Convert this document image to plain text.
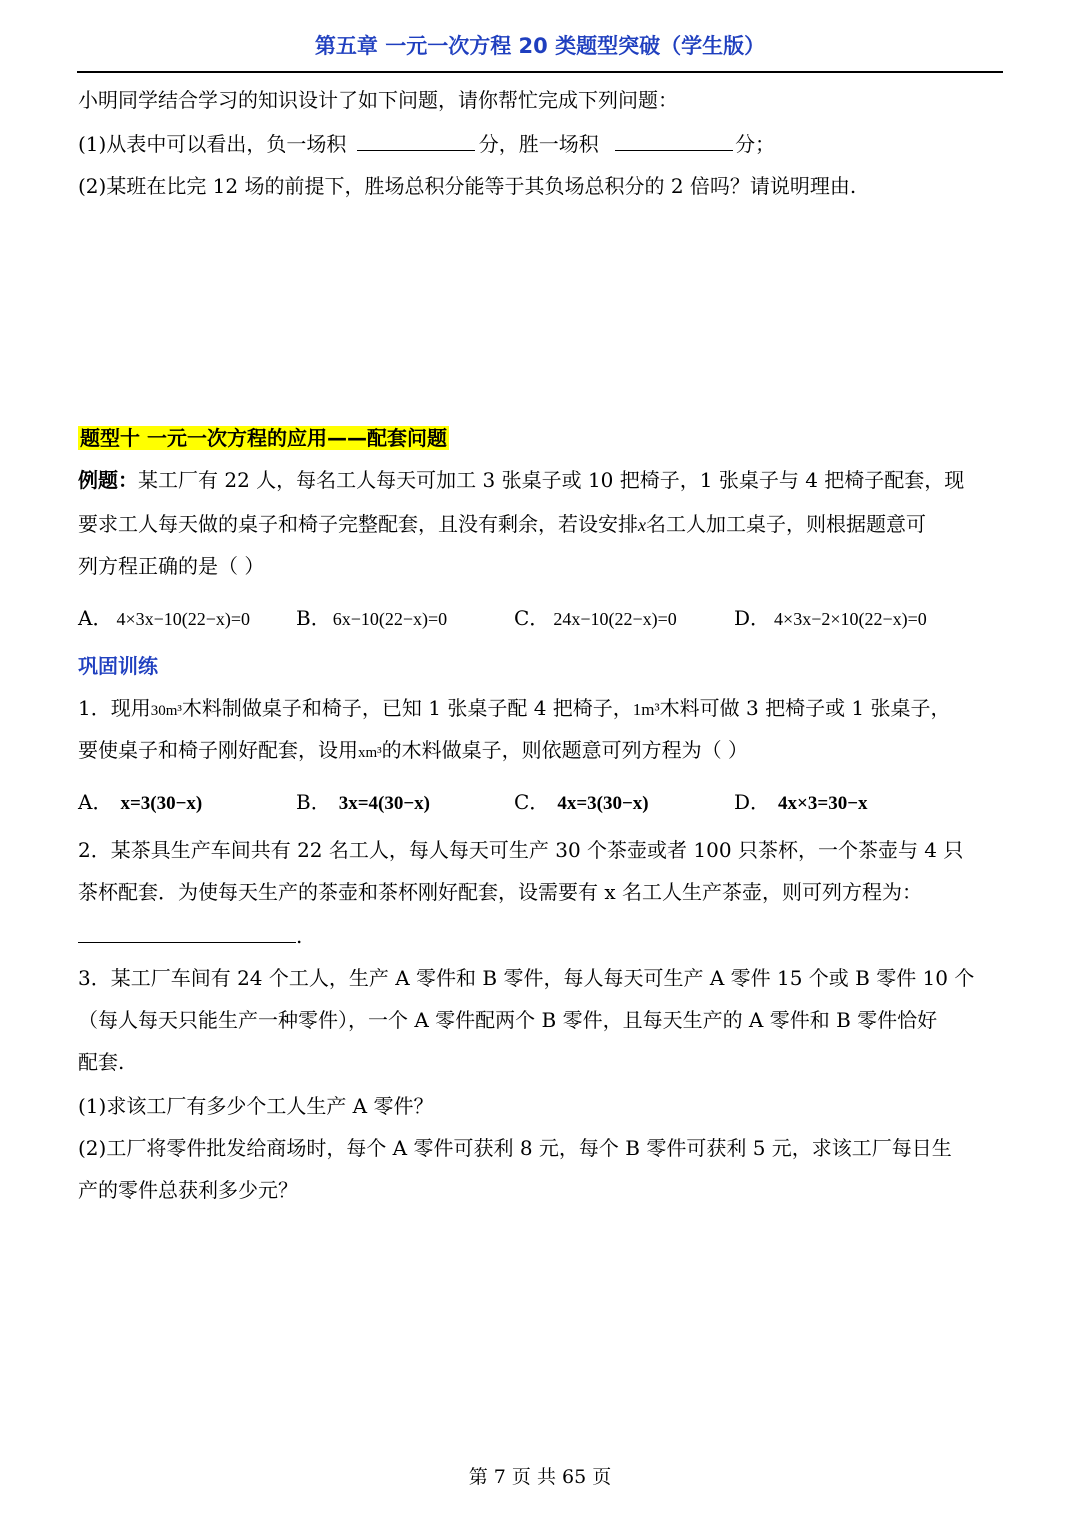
第五章 一元一次方程 20 类题型突破（学生版）
小明同学结合学习的知识设计了如下问题，请你帮忙完成下列问题：
(1)从表中可以看出，负一场积	分，胜一场积	分；
(2)某班在比完 12 场的前提下，胜场总积分能等于其负场总积分的 2 倍吗？请说明理由.
题型十 一元一次方程的应用——配套问题
例题：某工厂有 22 人，每名工人每天可加工 3 张桌子或 10 把椅子，1 张桌子与 4 把椅子配套，现
要求工人每天做的桌子和椅子完整配套，且没有剩余，若设安排x名工人加工桌子，则根据题意可
列方程正确的是（ ）
A． 4×3x−10(22−x)=0 B． 6x−10(22−x)=0	C． 24x−10(22−x)=0	D． 4×3x−2×10(22−x)=0
巩固训练
1．现用30m³木料制做桌子和椅子，已知 1 张桌子配 4 把椅子，1m³木料可做 3 把椅子或 1 张桌子，
要使桌子和椅子刚好配套，设用xm³的木料做桌子，则依题意可列方程为（ ）
A． x=3(30−x)	B． 3x=4(30−x)	C． 4x=3(30−x)	D． 4x×3=30−x
2．某茶具生产车间共有 22 名工人，每人每天可生产 30 个茶壶或者 100 只茶杯，一个茶壶与 4 只
茶杯配套．为使每天生产的茶壶和茶杯刚好配套，设需要有 x 名工人生产茶壶，则可列方程为：
.
3．某工厂车间有 24 个工人，生产 A 零件和 B 零件，每人每天可生产 A 零件 15 个或 B 零件 10 个
（每人每天只能生产一种零件），一个 A 零件配两个 B 零件，且每天生产的 A 零件和 B 零件恰好
配套.
(1)求该工厂有多少个工人生产 A 零件？
(2)工厂将零件批发给商场时，每个 A 零件可获利 8 元，每个 B 零件可获利 5 元，求该工厂每日生
产的零件总获利多少元？
第 7 页 共 65 页
